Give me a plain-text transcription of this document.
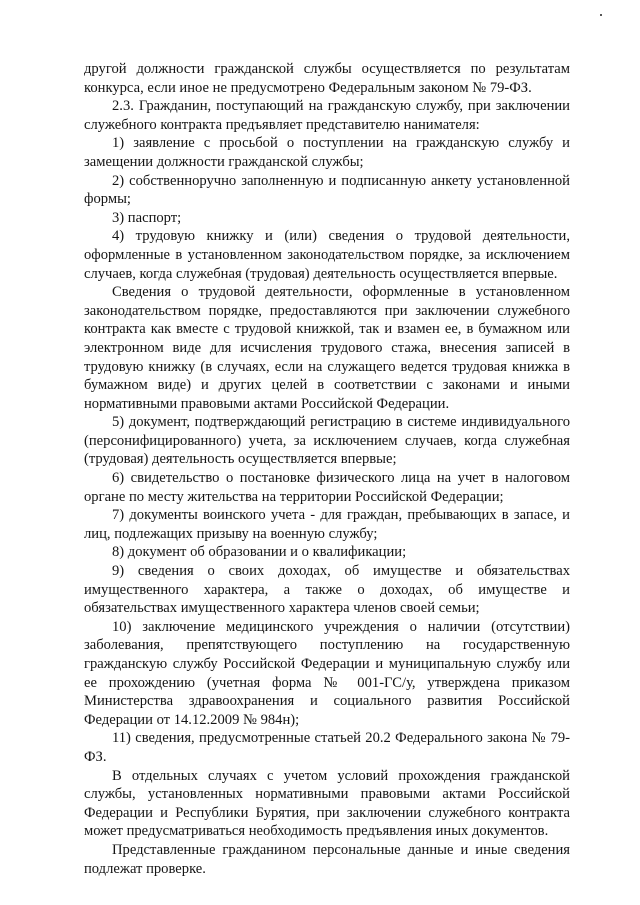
другой должности гражданской службы осуществляется по результатам конкурса, если иное не предусмотрено Федеральным законом № 79-ФЗ.

2.3. Гражданин, поступающий на гражданскую службу, при заключении служебного контракта предъявляет представителю нанимателя:

1) заявление с просьбой о поступлении на гражданскую службу и замещении должности гражданской службы;

2) собственноручно заполненную и подписанную анкету установленной формы;

3) паспорт;

4) трудовую книжку и (или) сведения о трудовой деятельности, оформленные в установленном законодательством порядке, за исключением случаев, когда служебная (трудовая) деятельность осуществляется впервые.

Сведения о трудовой деятельности, оформленные в установленном законодательством порядке, предоставляются при заключении служебного контракта как вместе с трудовой книжкой, так и взамен ее, в бумажном или электронном виде для исчисления трудового стажа, внесения записей в трудовую книжку (в случаях, если на служащего ведется трудовая книжка в бумажном виде) и других целей в соответствии с законами и иными нормативными правовыми актами Российской Федерации.

5) документ, подтверждающий регистрацию в системе индивидуального (персонифицированного) учета, за исключением случаев, когда служебная (трудовая) деятельность осуществляется впервые;

6) свидетельство о постановке физического лица на учет в налоговом органе по месту жительства на территории Российской Федерации;

7) документы воинского учета - для граждан, пребывающих в запасе, и лиц, подлежащих призыву на военную службу;

8) документ об образовании и о квалификации;

9) сведения о своих доходах, об имуществе и обязательствах имущественного характера, а также о доходах, об имуществе и обязательствах имущественного характера членов своей семьи;

10) заключение медицинского учреждения о наличии (отсутствии) заболевания, препятствующего поступлению на государственную гражданскую службу Российской Федерации и муниципальную службу или ее прохождению (учетная форма № 001-ГС/у, утверждена приказом Министерства здравоохранения и социального развития Российской Федерации от 14.12.2009 № 984н);

11) сведения, предусмотренные статьей 20.2 Федерального закона № 79-ФЗ.

В отдельных случаях с учетом условий прохождения гражданской службы, установленных нормативными правовыми актами Российской Федерации и Республики Бурятия, при заключении служебного контракта может предусматриваться необходимость предъявления иных документов.

Представленные гражданином персональные данные и иные сведения подлежат проверке.
